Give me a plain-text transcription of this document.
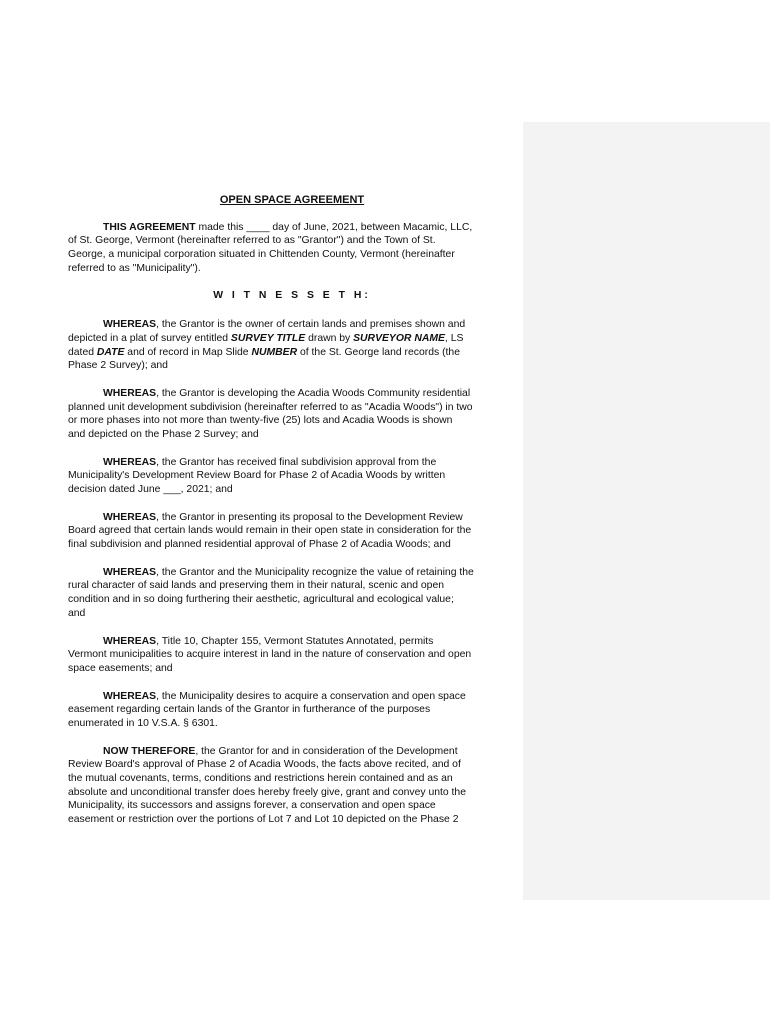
OPEN SPACE AGREEMENT
THIS AGREEMENT made this ____ day of June, 2021, between Macamic, LLC,
of St. George, Vermont (hereinafter referred to as "Grantor") and the Town of St.
George, a municipal corporation situated in Chittenden County, Vermont (hereinafter
referred to as "Municipality").
W I T N E S S E T H:
WHEREAS, the Grantor is the owner of certain lands and premises shown and
depicted in a plat of survey entitled SURVEY TITLE drawn by SURVEYOR NAME, LS
dated DATE and of record in Map Slide NUMBER of the St. George land records (the
Phase 2 Survey); and
WHEREAS, the Grantor is developing the Acadia Woods Community residential
planned unit development subdivision (hereinafter referred to as "Acadia Woods") in two
or more phases into not more than twenty-five (25) lots and Acadia Woods is shown
and depicted on the Phase 2 Survey; and
WHEREAS, the Grantor has received final subdivision approval from the
Municipality's Development Review Board for Phase 2 of Acadia Woods by written
decision dated June ___, 2021; and
WHEREAS, the Grantor in presenting its proposal to the Development Review
Board agreed that certain lands would remain in their open state in consideration for the
final subdivision and planned residential approval of Phase 2 of Acadia Woods; and
WHEREAS, the Grantor and the Municipality recognize the value of retaining the
rural character of said lands and preserving them in their natural, scenic and open
condition and in so doing furthering their aesthetic, agricultural and ecological value;
and
WHEREAS, Title 10, Chapter 155, Vermont Statutes Annotated, permits
Vermont municipalities to acquire interest in land in the nature of conservation and open
space easements; and
WHEREAS, the Municipality desires to acquire a conservation and open space
easement regarding certain lands of the Grantor in furtherance of the purposes
enumerated in 10 V.S.A. § 6301.
NOW THEREFORE, the Grantor for and in consideration of the Development
Review Board's approval of Phase 2 of Acadia Woods, the facts above recited, and of
the mutual covenants, terms, conditions and restrictions herein contained and as an
absolute and unconditional transfer does hereby freely give, grant and convey unto the
Municipality, its successors and assigns forever, a conservation and open space
easement or restriction over the portions of Lot 7 and Lot 10 depicted on the Phase 2
